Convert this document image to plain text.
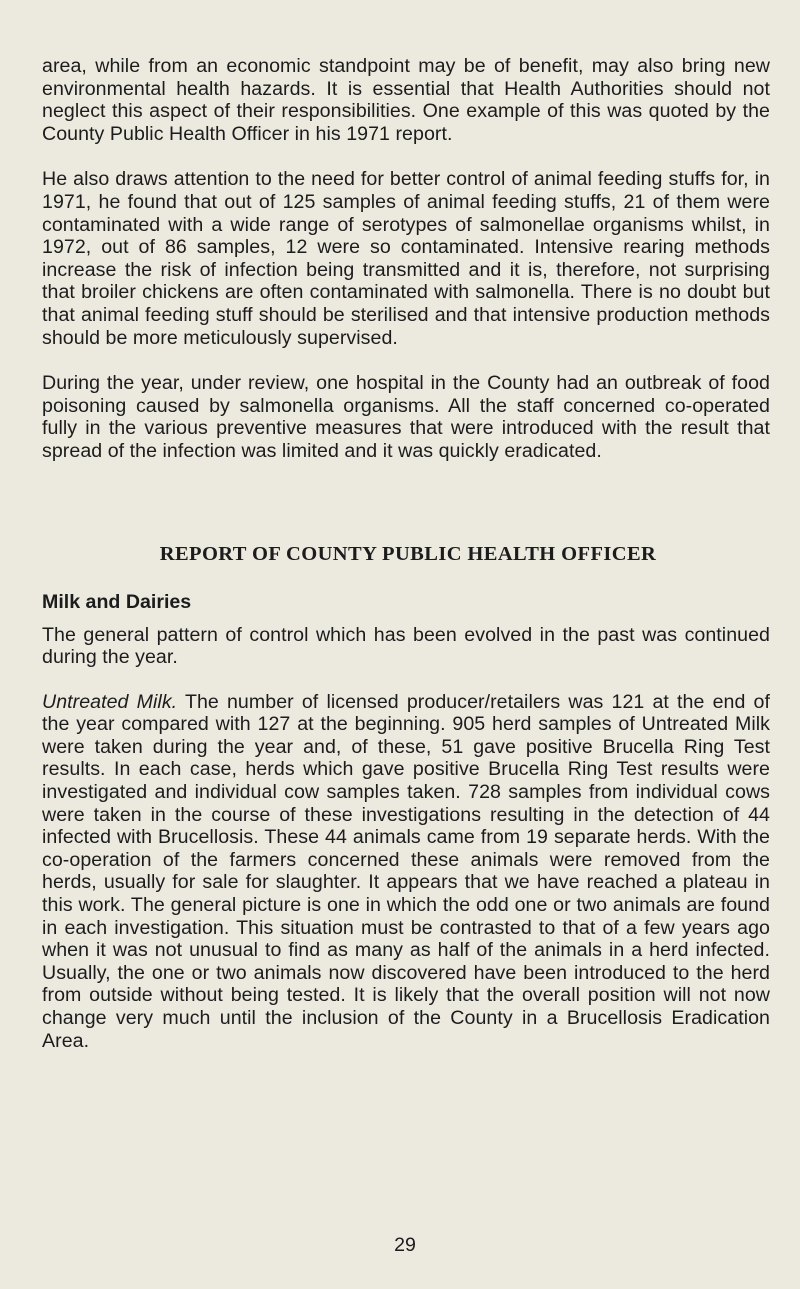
area, while from an economic standpoint may be of benefit, may also bring new environmental health hazards. It is essential that Health Authorities should not neglect this aspect of their responsibilities. One example of this was quoted by the County Public Health Officer in his 1971 report.

He also draws attention to the need for better control of animal feeding stuffs for, in 1971, he found that out of 125 samples of animal feeding stuffs, 21 of them were contaminated with a wide range of serotypes of salmonellae organisms whilst, in 1972, out of 86 samples, 12 were so contaminated. Intensive rearing methods increase the risk of infection being transmitted and it is, therefore, not surprising that broiler chickens are often contaminated with salmonella. There is no doubt but that animal feeding stuff should be sterilised and that intensive production methods should be more meticulously supervised.

During the year, under review, one hospital in the County had an outbreak of food poisoning caused by salmonella organisms. All the staff concerned co-operated fully in the various preventive measures that were introduced with the result that spread of the infection was limited and it was quickly eradicated.

REPORT OF COUNTY PUBLIC HEALTH OFFICER
Milk and Dairies

The general pattern of control which has been evolved in the past was continued during the year.

Untreated Milk. The number of licensed producer/retailers was 121 at the end of the year compared with 127 at the beginning. 905 herd samples of Untreated Milk were taken during the year and, of these, 51 gave positive Brucella Ring Test results. In each case, herds which gave positive Brucella Ring Test results were investigated and individual cow samples taken. 728 samples from individual cows were taken in the course of these investigations resulting in the detection of 44 infected with Brucellosis. These 44 animals came from 19 separate herds. With the co-operation of the farmers concerned these animals were removed from the herds, usually for sale for slaughter. It appears that we have reached a plateau in this work. The general picture is one in which the odd one or two animals are found in each investigation. This situation must be contrasted to that of a few years ago when it was not unusual to find as many as half of the animals in a herd infected. Usually, the one or two animals now discovered have been introduced to the herd from outside without being tested. It is likely that the overall position will not now change very much until the inclusion of the County in a Brucellosis Eradication Area.

29
